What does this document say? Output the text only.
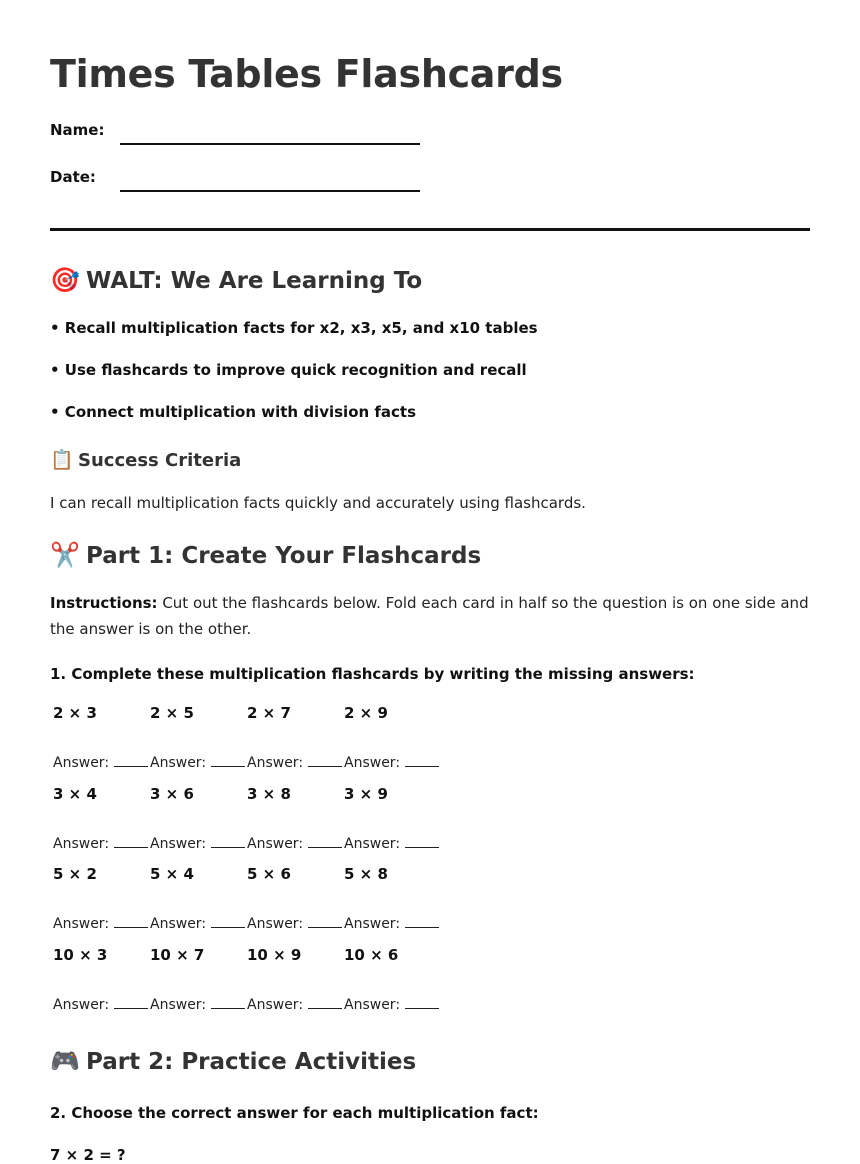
Times Tables Flashcards
Name:
Date:
🎯 WALT: We Are Learning To
• Recall multiplication facts for x2, x3, x5, and x10 tables
• Use flashcards to improve quick recognition and recall
• Connect multiplication with division facts
📋 Success Criteria
I can recall multiplication facts quickly and accurately using flashcards.
✂️ Part 1: Create Your Flashcards
Instructions: Cut out the flashcards below. Fold each card in half so the question is on one side and the answer is on the other.
1. Complete these multiplication flashcards by writing the missing answers:
2 × 3
Answer:
2 × 5
Answer:
2 × 7
Answer:
2 × 9
Answer:
3 × 4
Answer:
3 × 6
Answer:
3 × 8
Answer:
3 × 9
Answer:
5 × 2
Answer:
5 × 4
Answer:
5 × 6
Answer:
5 × 8
Answer:
10 × 3
Answer:
10 × 7
Answer:
10 × 9
Answer:
10 × 6
Answer:
🎮 Part 2: Practice Activities
2. Choose the correct answer for each multiplication fact:
7 × 2 = ?
